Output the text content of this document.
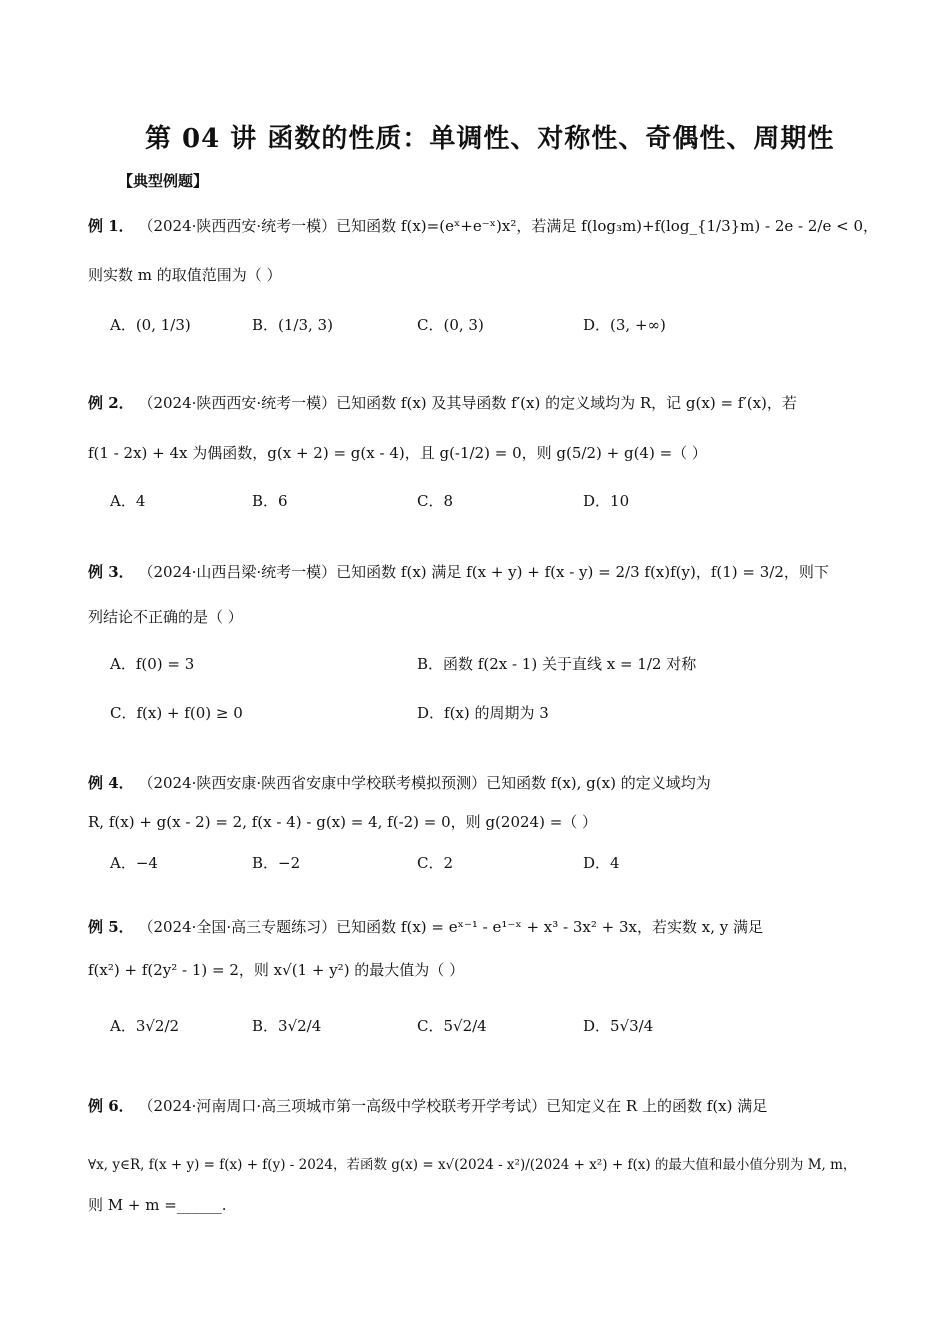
第 04 讲 函数的性质：单调性、对称性、奇偶性、周期性
【典型例题】
例 1． （2024·陕西西安·统考一模）已知函数 f(x)=(eˣ+e⁻ˣ)x²，若满足 f(log₃m)+f(log_{1/3}m) - 2e - 2/e < 0，
则实数 m 的取值范围为（ ）
A．(0, 1/3)	B．(1/3, 3)	C．(0, 3)	D．(3, +∞)
例 2． （2024·陕西西安·统考一模）已知函数 f(x) 及其导函数 f′(x) 的定义域均为 R，记 g(x) = f′(x)，若
f(1 - 2x) + 4x 为偶函数，g(x + 2) = g(x - 4)，且 g(-1/2) = 0，则 g(5/2) + g(4) =（ ）
A．4	B．6	C．8	D．10
例 3． （2024·山西吕梁·统考一模）已知函数 f(x) 满足 f(x + y) + f(x - y) = 2/3 f(x)f(y)，f(1) = 3/2，则下
列结论不正确的是（ ）
A．f(0) = 3	B．函数 f(2x - 1) 关于直线 x = 1/2 对称
C．f(x) + f(0) ≥ 0	D．f(x) 的周期为 3
例 4． （2024·陕西安康·陕西省安康中学校联考模拟预测）已知函数 f(x), g(x) 的定义域均为
R, f(x) + g(x - 2) = 2, f(x - 4) - g(x) = 4, f(-2) = 0，则 g(2024) =（ ）
A．−4	B．−2	C．2	D．4
例 5． （2024·全国·高三专题练习）已知函数 f(x) = eˣ⁻¹ - e¹⁻ˣ + x³ - 3x² + 3x，若实数 x, y 满足
f(x²) + f(2y² - 1) = 2，则 x√(1 + y²) 的最大值为（ ）
A．3√2/2	B．3√2/4	C．5√2/4	D．5√3/4
例 6． （2024·河南周口·高三项城市第一高级中学校联考开学考试）已知定义在 R 上的函数 f(x) 满足
∀x, y∈R, f(x + y) = f(x) + f(y) - 2024，若函数 g(x) = x√(2024 - x²)/(2024 + x²) + f(x) 的最大值和最小值分别为 M, m，
则 M + m =______.
